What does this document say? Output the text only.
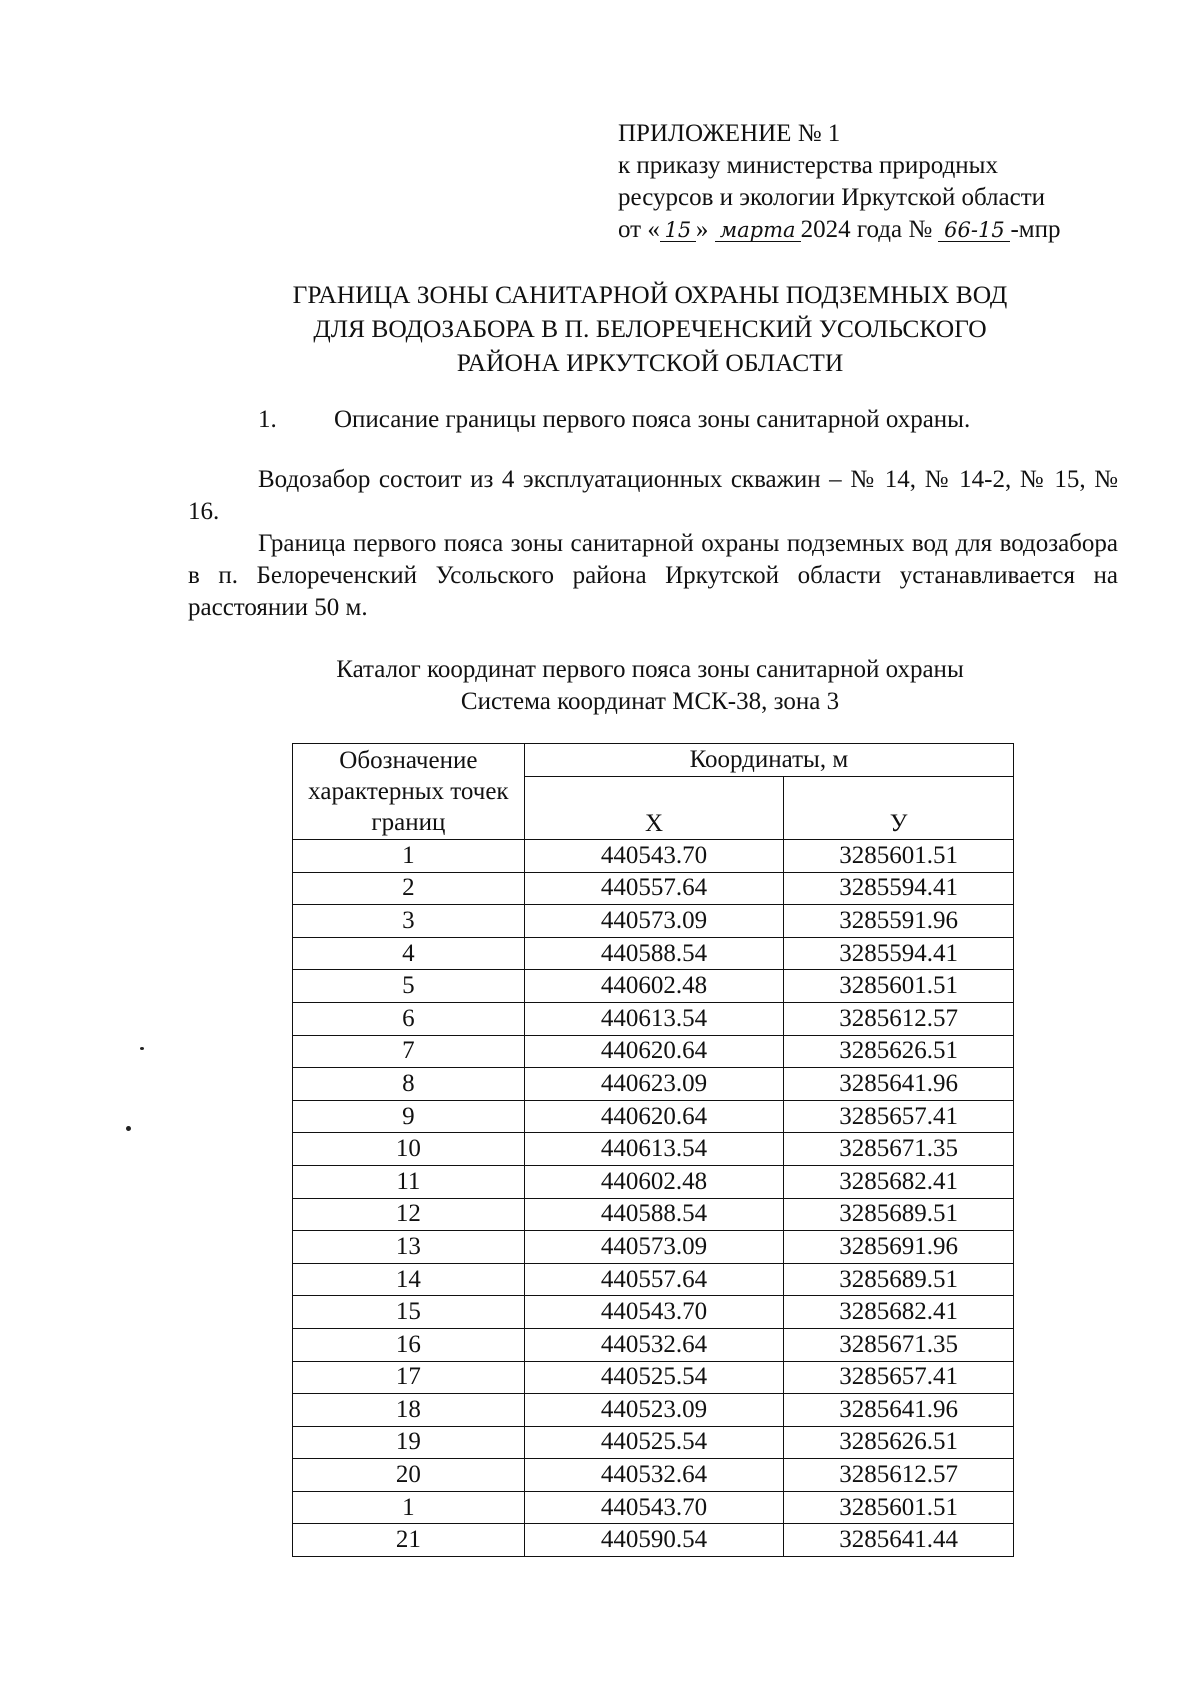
ПРИЛОЖЕНИЕ № 1
к приказу министерства природных
ресурсов и экологии Иркутской области
от « 15 » марта 2024 года № 66-15 -мпр
ГРАНИЦА ЗОНЫ САНИТАРНОЙ ОХРАНЫ ПОДЗЕМНЫХ ВОД
ДЛЯ ВОДОЗАБОРА В П. БЕЛОРЕЧЕНСКИЙ УСОЛЬСКОГО
РАЙОНА ИРКУТСКОЙ ОБЛАСТИ
1. Описание границы первого пояса зоны санитарной охраны.
Водозабор состоит из 4 эксплуатационных скважин – № 14, № 14-2, № 15, № 16.
Граница первого пояса зоны санитарной охраны подземных вод для водозабора в п. Белореченский Усольского района Иркутской области устанавливается на расстоянии 50 м.
Каталог координат первого пояса зоны санитарной охраны
Система координат МСК-38, зона 3
Обозначение характерных точек границ	Координаты, м	
	Х	У
1	440543.70	3285601.51
2	440557.64	3285594.41
3	440573.09	3285591.96
4	440588.54	3285594.41
5	440602.48	3285601.51
6	440613.54	3285612.57
7	440620.64	3285626.51
8	440623.09	3285641.96
9	440620.64	3285657.41
10	440613.54	3285671.35
11	440602.48	3285682.41
12	440588.54	3285689.51
13	440573.09	3285691.96
14	440557.64	3285689.51
15	440543.70	3285682.41
16	440532.64	3285671.35
17	440525.54	3285657.41
18	440523.09	3285641.96
19	440525.54	3285626.51
20	440532.64	3285612.57
1	440543.70	3285601.51
21	440590.54	3285641.44
